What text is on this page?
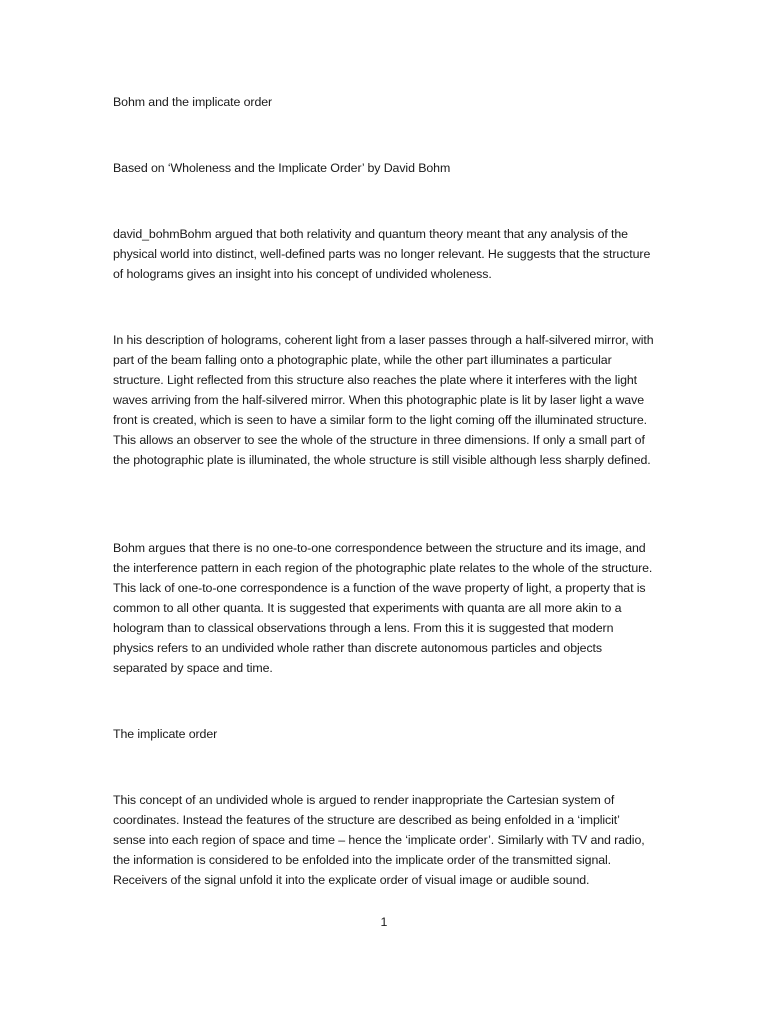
Bohm and the implicate order

Based on ‘Wholeness and the Implicate Order’ by David Bohm

david_bohmBohm argued that both relativity and quantum theory meant that any analysis of the physical world into distinct, well-defined parts was no longer relevant. He suggests that the structure of holograms gives an insight into his concept of undivided wholeness.

In his description of holograms, coherent light from a laser passes through a half-silvered mirror, with part of the beam falling onto a photographic plate, while the other part illuminates a particular structure. Light reflected from this structure also reaches the plate where it interferes with the light waves arriving from the half-silvered mirror. When this photographic plate is lit by laser light a wave front is created, which is seen to have a similar form to the light coming off the illuminated structure. This allows an observer to see the whole of the structure in three dimensions. If only a small part of the photographic plate is illuminated, the whole structure is still visible although less sharply defined.

Bohm argues that there is no one-to-one correspondence between the structure and its image, and the interference pattern in each region of the photographic plate relates to the whole of the structure. This lack of one-to-one correspondence is a function of the wave property of light, a property that is common to all other quanta. It is suggested that experiments with quanta are all more akin to a hologram than to classical observations through a lens. From this it is suggested that modern physics refers to an undivided whole rather than discrete autonomous particles and objects separated by space and time.

The implicate order

This concept of an undivided whole is argued to render inappropriate the Cartesian system of coordinates. Instead the features of the structure are described as being enfolded in a ‘implicit’ sense into each region of space and time – hence the ‘implicate order’. Similarly with TV and radio, the information is considered to be enfolded into the implicate order of the transmitted signal. Receivers of the signal unfold it into the explicate order of visual image or audible sound.

1
